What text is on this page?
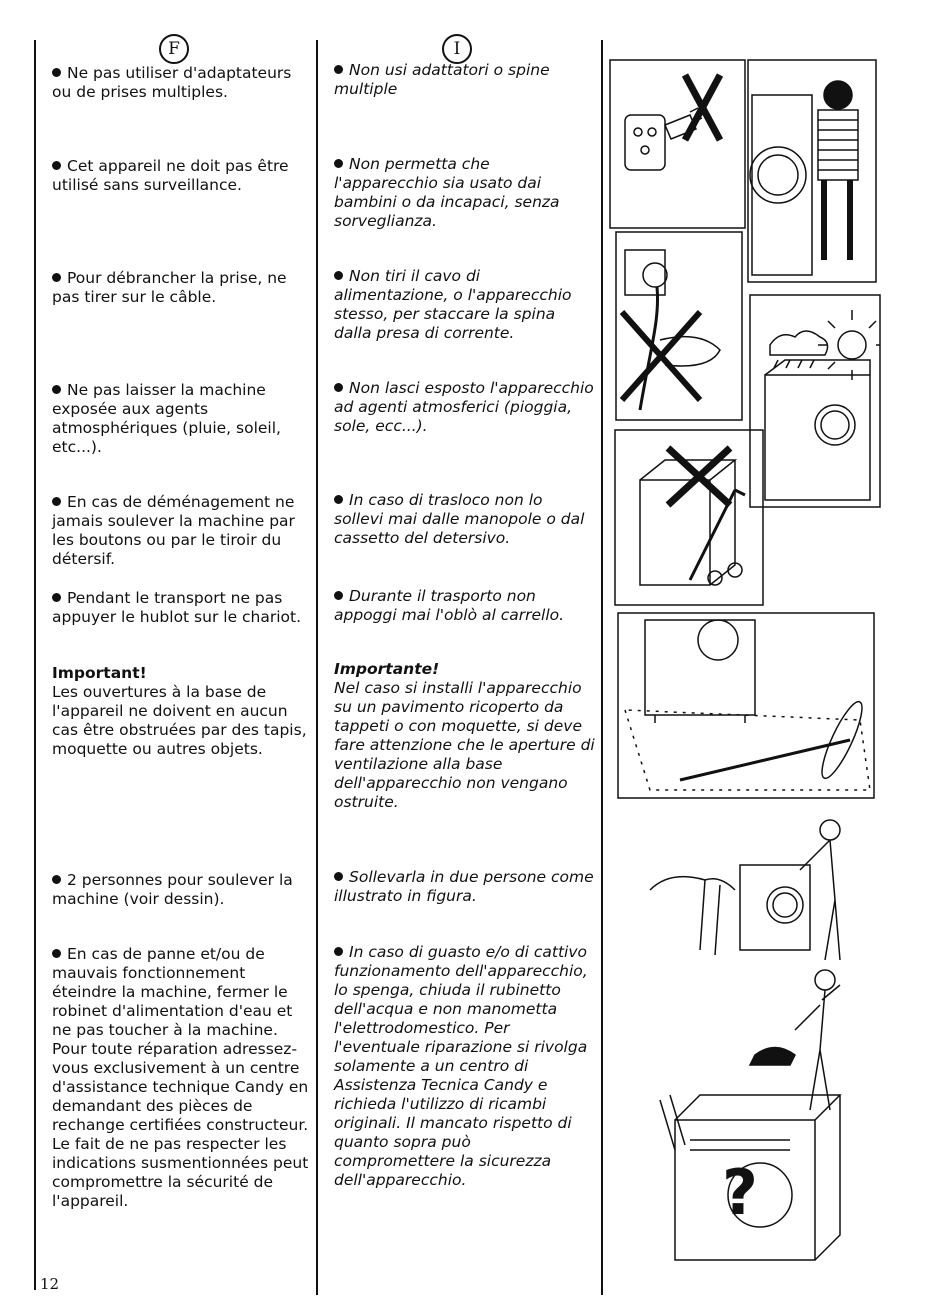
F	I
Ne pas utiliser d'adaptateurs ou de prises multiples.
Cet appareil ne doit pas être utilisé sans surveillance.
Pour débrancher la prise, ne pas tirer sur le câble.
Ne pas laisser la machine exposée aux agents atmosphériques (pluie, soleil, etc...).
En cas de déménagement ne jamais soulever la machine par les boutons ou par le tiroir du détersif.
Pendant le transport ne pas appuyer le hublot sur le chariot.
Important!
Les ouvertures à la base de l'appareil ne doivent en aucun cas être obstruées par des tapis, moquette ou autres objets.
2 personnes pour soulever la machine (voir dessin).
En cas de panne et/ou de mauvais fonctionnement éteindre la machine, fermer le robinet d'alimentation d'eau et ne pas toucher à la machine. Pour toute réparation adressez-vous exclusivement à un centre d'assistance technique Candy en demandant des pièces de rechange certifiées constructeur. Le fait de ne pas respecter les indications susmentionnées peut compromettre la sécurité de l'appareil.
Non usi adattatori o spine multiple
Non permetta che l'apparecchio sia usato dai bambini o da incapaci, senza sorveglianza.
Non tiri il cavo di alimentazione, o l'apparecchio stesso, per staccare la spina dalla presa di corrente.
Non lasci esposto l'apparecchio ad agenti atmosferici (pioggia, sole, ecc...).
In caso di trasloco non lo sollevi mai dalle manopole o dal cassetto del detersivo.
Durante il trasporto non appoggi mai l'oblò al carrello.
Importante!
Nel caso si installi l'apparecchio su un pavimento ricoperto da tappeti o con moquette, si deve fare attenzione che le aperture di ventilazione alla base dell'apparecchio non vengano ostruite.
Sollevarla in due persone come illustrato in figura.
In caso di guasto e/o di cattivo funzionamento dell'apparecchio, lo spenga, chiuda il rubinetto dell'acqua e non manometta l'elettrodomestico. Per l'eventuale riparazione si rivolga solamente a un centro di Assistenza Tecnica Candy e richieda l'utilizzo di ricambi originali. Il mancato rispetto di quanto sopra può compromettere la sicurezza dell'apparecchio.	?
12
